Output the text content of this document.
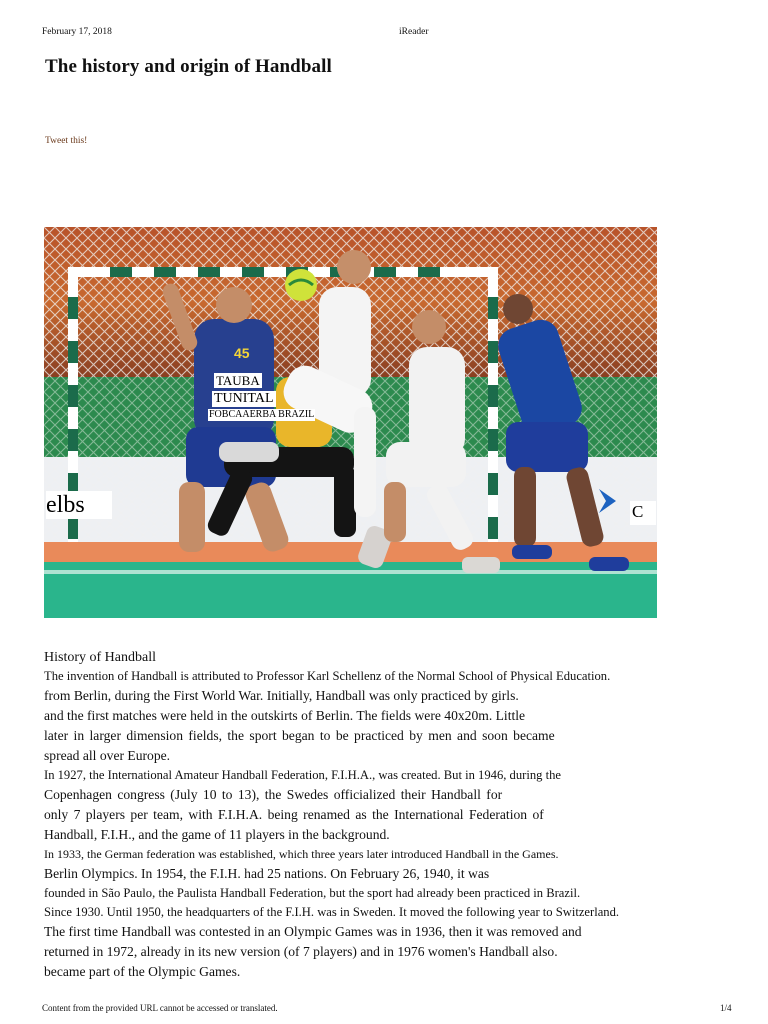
February 17, 2018	iReader
The history and origin of Handball
Tweet this!
45
TAUBA
TUNITAL
FOBCAAERBA BRAZIL
elbs	C

History of Handball

The invention of Handball is attributed to Professor Karl Schellenz of the Normal School of Physical Education.

from Berlin, during the First World War. Initially, Handball was only practiced by girls.

and the first matches were held in the outskirts of Berlin. The fields were 40x20m. Little

later in larger dimension fields, the sport began to be practiced by men and soon became

spread all over Europe.

In 1927, the International Amateur Handball Federation, F.I.H.A., was created. But in 1946, during the

Copenhagen congress (July 10 to 13), the Swedes officialized their Handball for

only 7 players per team, with F.I.H.A. being renamed as the International Federation of

Handball, F.I.H., and the game of 11 players in the background.

In 1933, the German federation was established, which three years later introduced Handball in the Games.

Berlin Olympics. In 1954, the F.I.H. had 25 nations. On February 26, 1940, it was

founded in São Paulo, the Paulista Handball Federation, but the sport had already been practiced in Brazil.

Since 1930. Until 1950, the headquarters of the F.I.H. was in Sweden. It moved the following year to Switzerland.

The first time Handball was contested in an Olympic Games was in 1936, then it was removed and

returned in 1972, already in its new version (of 7 players) and in 1976 women's Handball also.

became part of the Olympic Games.

Content from the provided URL cannot be accessed or translated.	1/4
